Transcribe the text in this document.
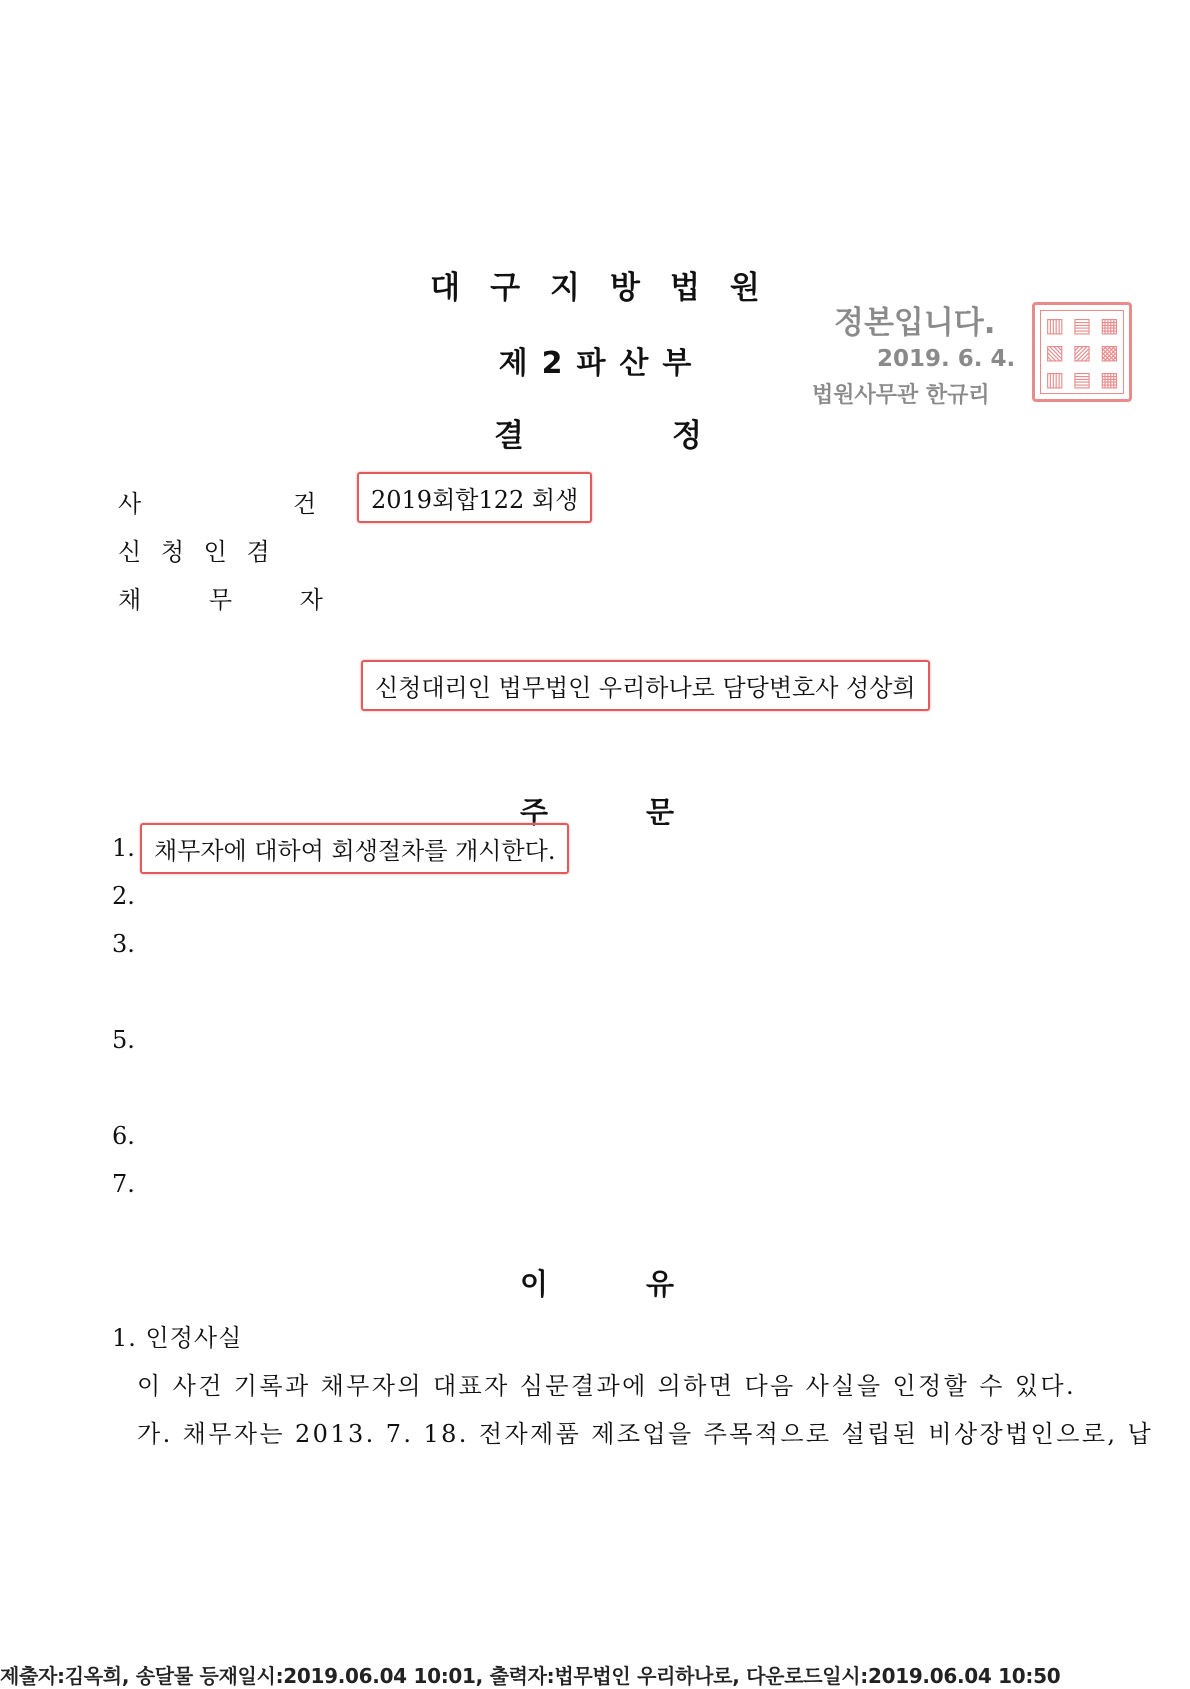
대구지방법원
제2파산부
결	정
정본입니다.
2019. 6. 4.
법원사무관 한규리
▥ ▤ ▦
▧ ▨ ▩
▥ ▤ ▦
사 건
2019회합122 회생
신 청 인 겸
채 무 자
신청대리인 법무법인 우리하나로 담당변호사 성상희
주	문
1. 채무자에 대하여 회생절차를 개시한다.
2.
3.
5.
6.
7.
이	유
1. 인정사실
이 사건 기록과 채무자의 대표자 심문결과에 의하면 다음 사실을 인정할 수 있다.
가. 채무자는 2013. 7. 18. 전자제품 제조업을 주목적으로 설립된 비상장법인으로, 납
제출자:김옥희, 송달물 등재일시:2019.06.04 10:01, 출력자:법무법인 우리하나로, 다운로드일시:2019.06.04 10:50
